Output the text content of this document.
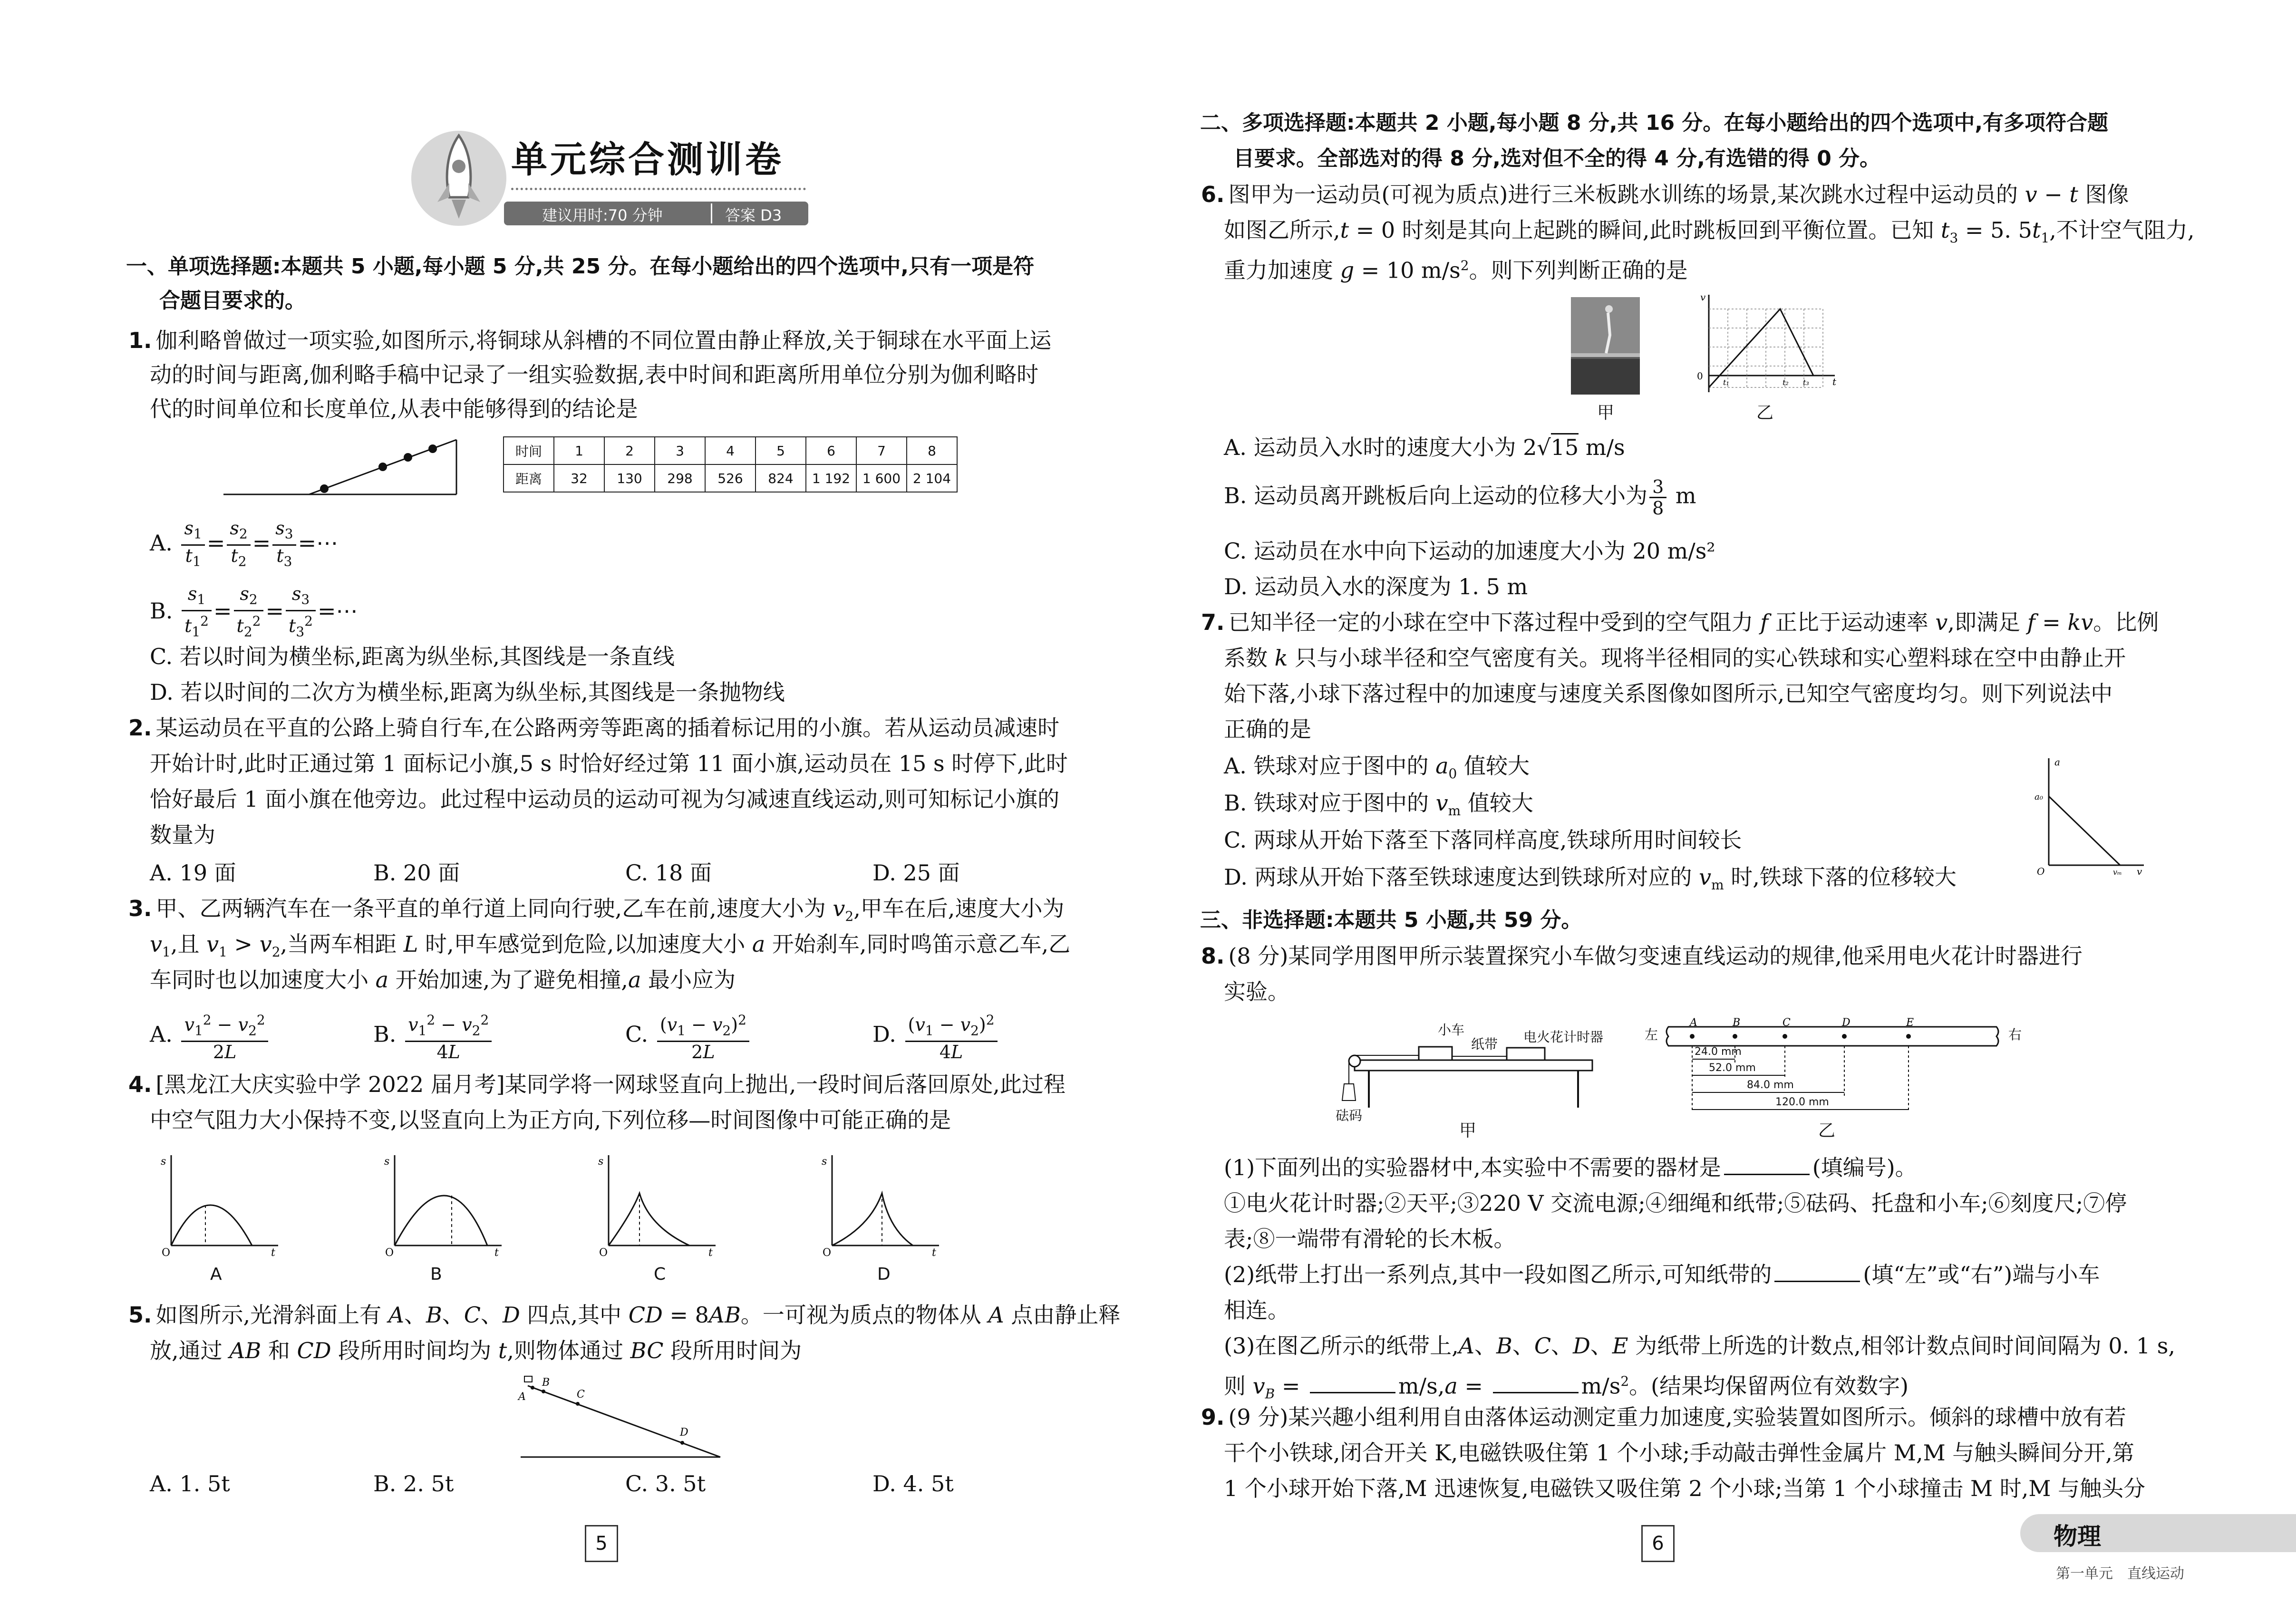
单元综合测训卷
建议用时:70 分钟	答案 D3
一、单项选择题:本题共 5 小题,每小题 5 分,共 25 分。在每小题给出的四个选项中,只有一项是符
合题目要求的。
1. 伽利略曾做过一项实验,如图所示,将铜球从斜槽的不同位置由静止释放,关于铜球在水平面上运
动的时间与距离,伽利略手稿中记录了一组实验数据,表中时间和距离所用单位分别为伽利略时
代的时间单位和长度单位,从表中能够得到的结论是
时间	1	2	3	4	5	6	7	8
距离	32	130	298	526	824	1 192	1 600	2 104
A. $\frac{s_1}{t_1} = \frac{s_2}{t_2} = \frac{s_3}{t_3}$ =⋯
B. $\frac{s_1}{t_1^2} = \frac{s_2}{t_2^2} = \frac{s_3}{t_3^2}$ =⋯
C. 若以时间为横坐标,距离为纵坐标,其图线是一条直线
D. 若以时间的二次方为横坐标,距离为纵坐标,其图线是一条抛物线
2. 某运动员在平直的公路上骑自行车,在公路两旁等距离的插着标记用的小旗。若从运动员减速时
开始计时,此时正通过第 1 面标记小旗,5 s 时恰好经过第 11 面小旗,运动员在 15 s 时停下,此时
恰好最后 1 面小旗在他旁边。此过程中运动员的运动可视为匀减速直线运动,则可知标记小旗的
数量为
A. 19 面	B. 20 面	C. 18 面	D. 25 面
3. 甲、乙两辆汽车在一条平直的单行道上同向行驶,乙车在前,速度大小为 $v_2$,甲车在后,速度大小为
$v_1$,且 $v_1 > v_2$,当两车相距 L 时,甲车感觉到危险,以加速度大小 a 开始刹车,同时鸣笛示意乙车,乙
车同时也以加速度大小 a 开始加速,为了避免相撞,a 最小应为
A. $\frac{v_1^2 - v_2^2}{2L}$	B. $\frac{v_1^2 - v_2^2}{4L}$	C. $\frac{(v_1 - v_2)^2}{2L}$	D. $\frac{(v_1 - v_2)^2}{4L}$
4. [黑龙江大庆实验中学 2022 届月考]某同学将一网球竖直向上抛出,一段时间后落回原处,此过程
中空气阻力大小保持不变,以竖直向上为正方向,下列位移—时间图像中可能正确的是
s
O	t
A
s
O	t
B
s
O	t
C
s
O	t
D
5. 如图所示,光滑斜面上有 A、B、C、D 四点,其中 CD = 8AB。一可视为质点的物体从 A 点由静止释
放,通过 AB 和 CD 段所用时间均为 t,则物体通过 BC 段所用时间为
A
B
C
D
A. 1. 5t	B. 2. 5t	C. 3. 5t	D. 4. 5t
5
二、多项选择题:本题共 2 小题,每小题 8 分,共 16 分。在每小题给出的四个选项中,有多项符合题
目要求。全部选对的得 8 分,选对但不全的得 4 分,有选错的得 0 分。
6. 图甲为一运动员(可视为质点)进行三米板跳水训练的场景,某次跳水过程中运动员的 v − t 图像
如图乙所示,t = 0 时刻是其向上起跳的瞬间,此时跳板回到平衡位置。已知 $t_3 = 5$. $5t_1$,不计空气阻力,
重力加速度 g = 10 $m/s^2$。则下列判断正确的是
甲
v
0	t
t₁	t₂ t₃
乙
A. 运动员入水时的速度大小为 2√15 m/s
B. 运动员离开跳板后向上运动的位移大小为 $\frac{3}{8}$ m
C. 运动员在水中向下运动的加速度大小为 20 m/s²
D. 运动员入水的深度为 1. 5 m
7. 已知半径一定的小球在空中下落过程中受到的空气阻力 f 正比于运动速率 v,即满足 f = kv。比例
系数 k 只与小球半径和空气密度有关。现将半径相同的实心铁球和实心塑料球在空中由静止开
始下落,小球下落过程中的加速度与速度关系图像如图所示,已知空气密度均匀。则下列说法中
正确的是
A. 铁球对应于图中的 $a_0$ 值较大
B. 铁球对应于图中的 $v_m$ 值较大
C. 两球从开始下落至下落同样高度,铁球所用时间较长
D. 两球从开始下落至铁球速度达到铁球所对应的 $v_m$ 时,铁球下落的位移较大
a
a₀
O	vₘ v
三、非选择题:本题共 5 小题,共 59 分。
8. (8 分)某同学用图甲所示装置探究小车做匀变速直线运动的规律,他采用电火花计时器进行
实验。
小车
纸带 电火花计时器
砝码
甲
A	B	C	D	E
左	右
24.0 mm
52.0 mm
84.0 mm
120.0 mm
乙
(1)下面列出的实验器材中,本实验中不需要的器材是	(填编号)。
①电火花计时器;②天平;③220 V 交流电源;④细绳和纸带;⑤砝码、托盘和小车;⑥刻度尺;⑦停
表;⑧一端带有滑轮的长木板。
(2)纸带上打出一系列点,其中一段如图乙所示,可知纸带的	(填“左”或“右”)端与小车
相连。
(3)在图乙所示的纸带上,A、B、C、D、E 为纸带上所选的计数点,相邻计数点间时间间隔为 0. 1 s,
则 $v_B$ =	m/s,a =	$m/s^2$。(结果均保留两位有效数字)
9. (9 分)某兴趣小组利用自由落体运动测定重力加速度,实验装置如图所示。倾斜的球槽中放有若
干个小铁球,闭合开关 K,电磁铁吸住第 1 个小球;手动敲击弹性金属片 M,M 与触头瞬间分开,第
1 个小球开始下落,M 迅速恢复,电磁铁又吸住第 2 个小球;当第 1 个小球撞击 M 时,M 与触头分
6	物理
第一单元　直线运动
